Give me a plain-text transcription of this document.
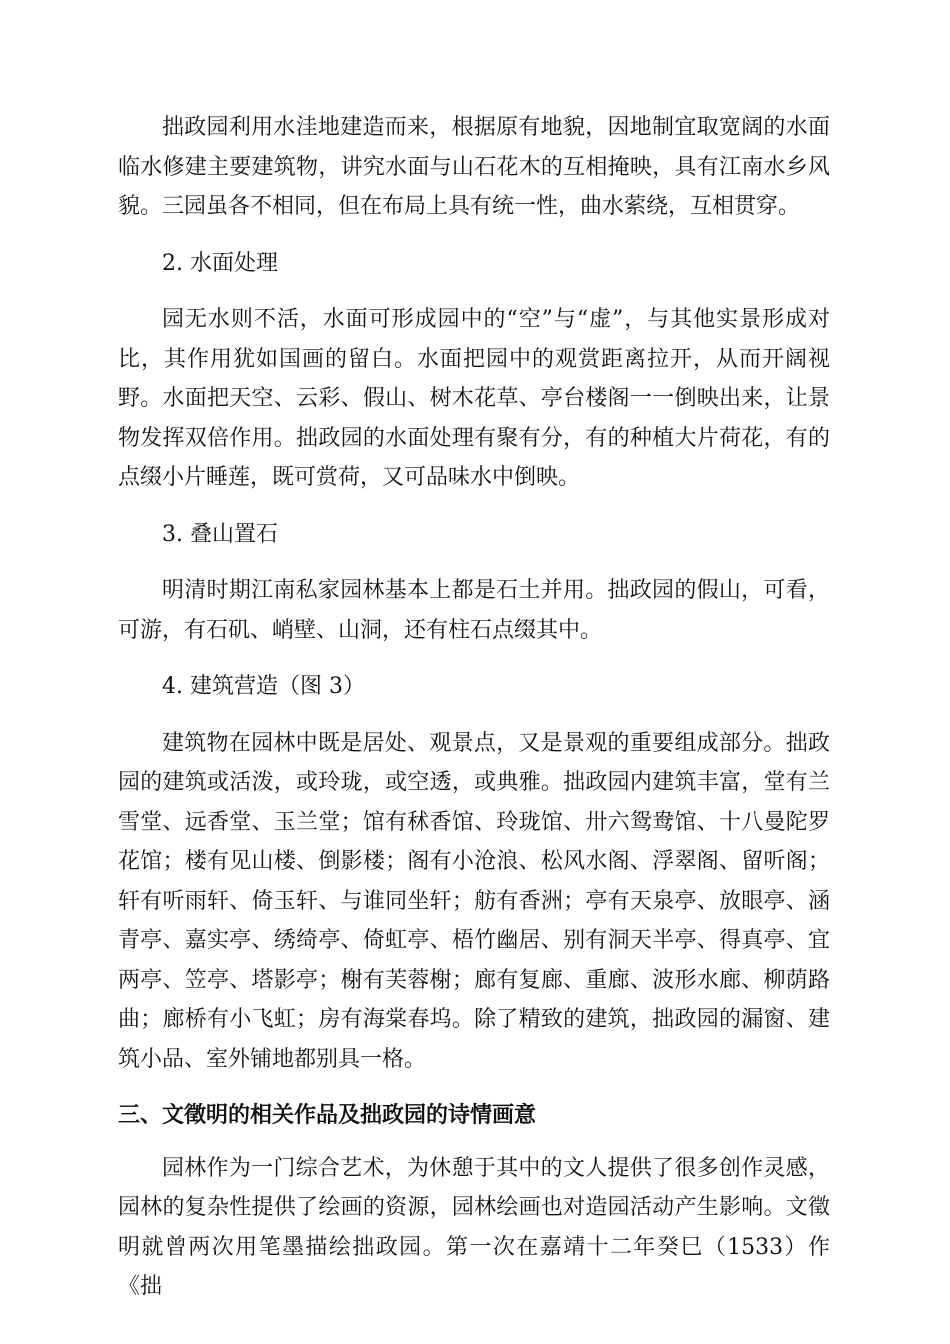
拙政园利用水洼地建造而来，根据原有地貌，因地制宜取宽阔的水面临水修建主要建筑物，讲究水面与山石花木的互相掩映，具有江南水乡风貌。三园虽各不相同，但在布局上具有统一性，曲水萦绕，互相贯穿。

2. 水面处理

园无水则不活，水面可形成园中的“空”与“虚”，与其他实景形成对比，其作用犹如国画的留白。水面把园中的观赏距离拉开，从而开阔视野。水面把天空、云彩、假山、树木花草、亭台楼阁一一倒映出来，让景物发挥双倍作用。拙政园的水面处理有聚有分，有的种植大片荷花，有的点缀小片睡莲，既可赏荷，又可品味水中倒映。

3. 叠山置石

明清时期江南私家园林基本上都是石土并用。拙政园的假山，可看，可游，有石矶、峭壁、山洞，还有柱石点缀其中。

4. 建筑营造（图 3）

建筑物在园林中既是居处、观景点，又是景观的重要组成部分。拙政园的建筑或活泼，或玲珑，或空透，或典雅。拙政园内建筑丰富，堂有兰雪堂、远香堂、玉兰堂；馆有秫香馆、玲珑馆、卅六鸳鸯馆、十八曼陀罗花馆；楼有见山楼、倒影楼；阁有小沧浪、松风水阁、浮翠阁、留听阁；轩有听雨轩、倚玉轩、与谁同坐轩；舫有香洲；亭有天泉亭、放眼亭、涵青亭、嘉实亭、绣绮亭、倚虹亭、梧竹幽居、别有洞天半亭、得真亭、宜两亭、笠亭、塔影亭；榭有芙蓉榭；廊有复廊、重廊、波形水廊、柳荫路曲；廊桥有小飞虹；房有海棠春坞。除了精致的建筑，拙政园的漏窗、建筑小品、室外铺地都别具一格。

三、文徵明的相关作品及拙政园的诗情画意

园林作为一门综合艺术，为休憩于其中的文人提供了很多创作灵感，园林的复杂性提供了绘画的资源，园林绘画也对造园活动产生影响。文徵明就曾两次用笔墨描绘拙政园。第一次在嘉靖十二年癸巳（1533）作《拙
